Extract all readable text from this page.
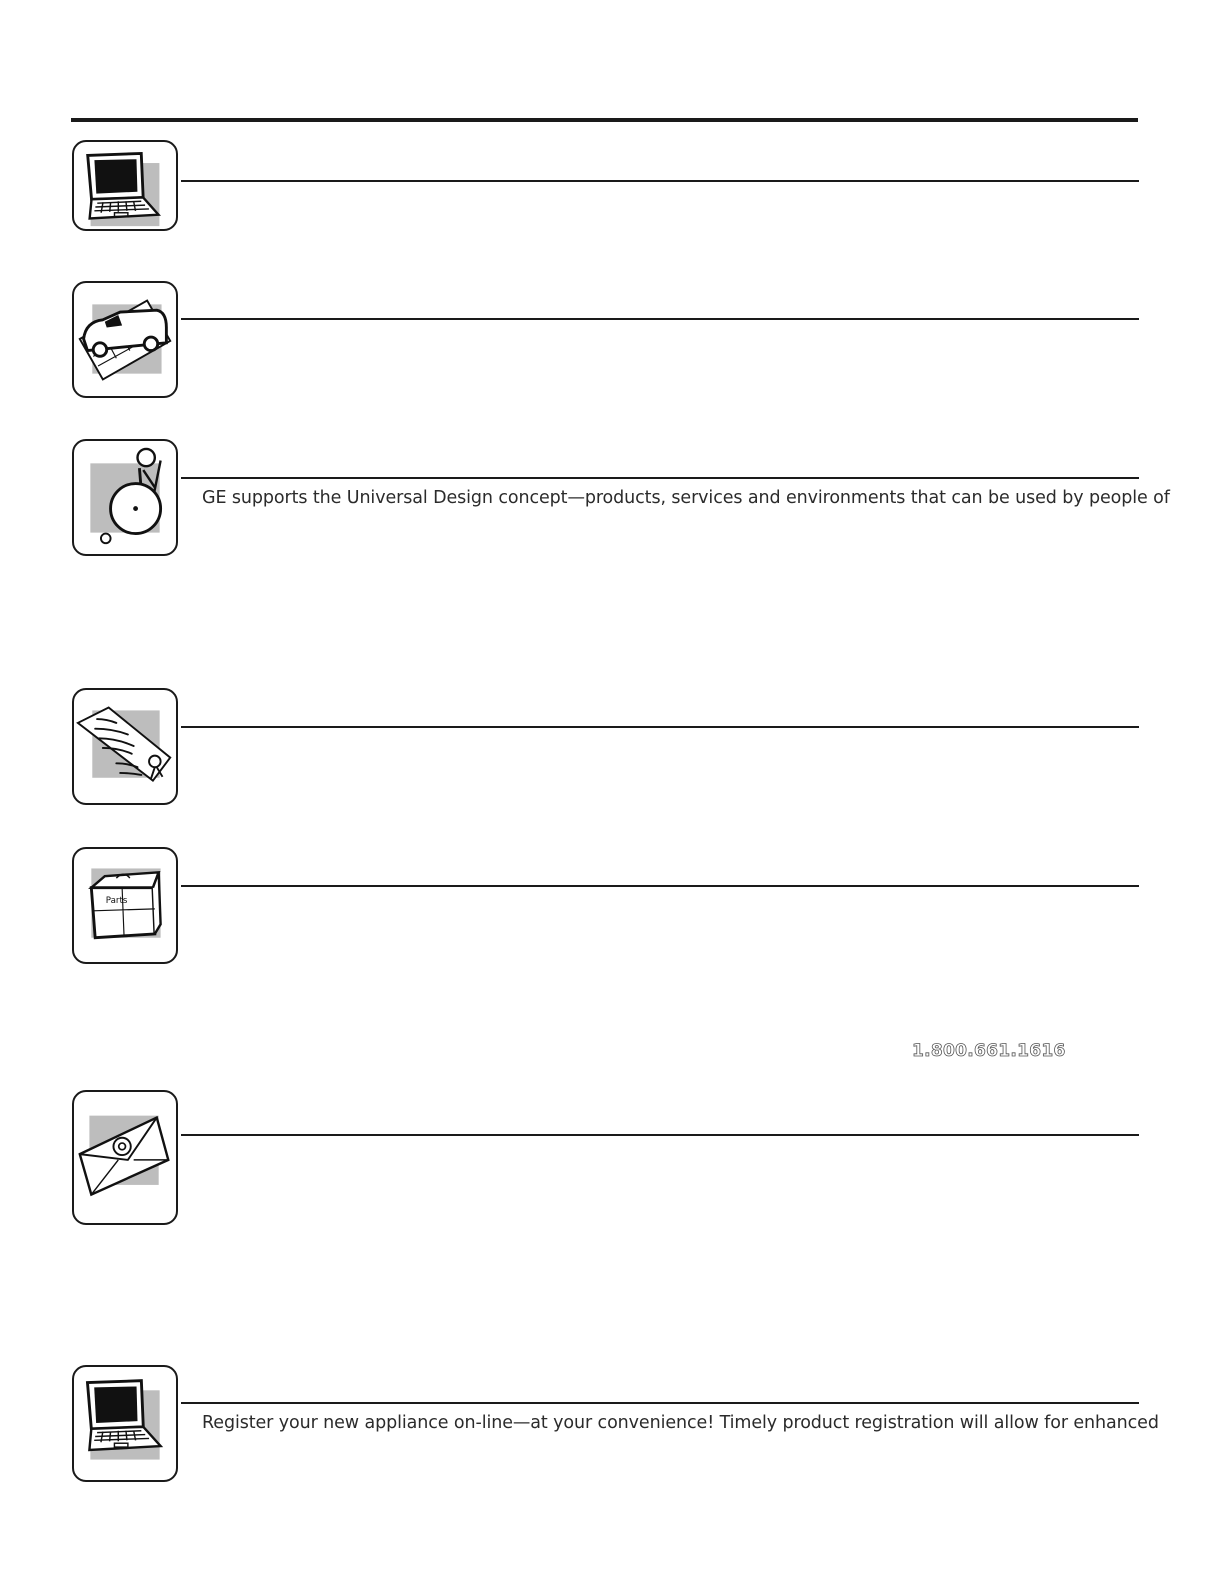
GE supports the Universal Design concept—products, services and environments that can be used by people of
Parts
1.800.661.1616
Register your new appliance on-line—at your convenience! Timely product registration will allow for enhanced
